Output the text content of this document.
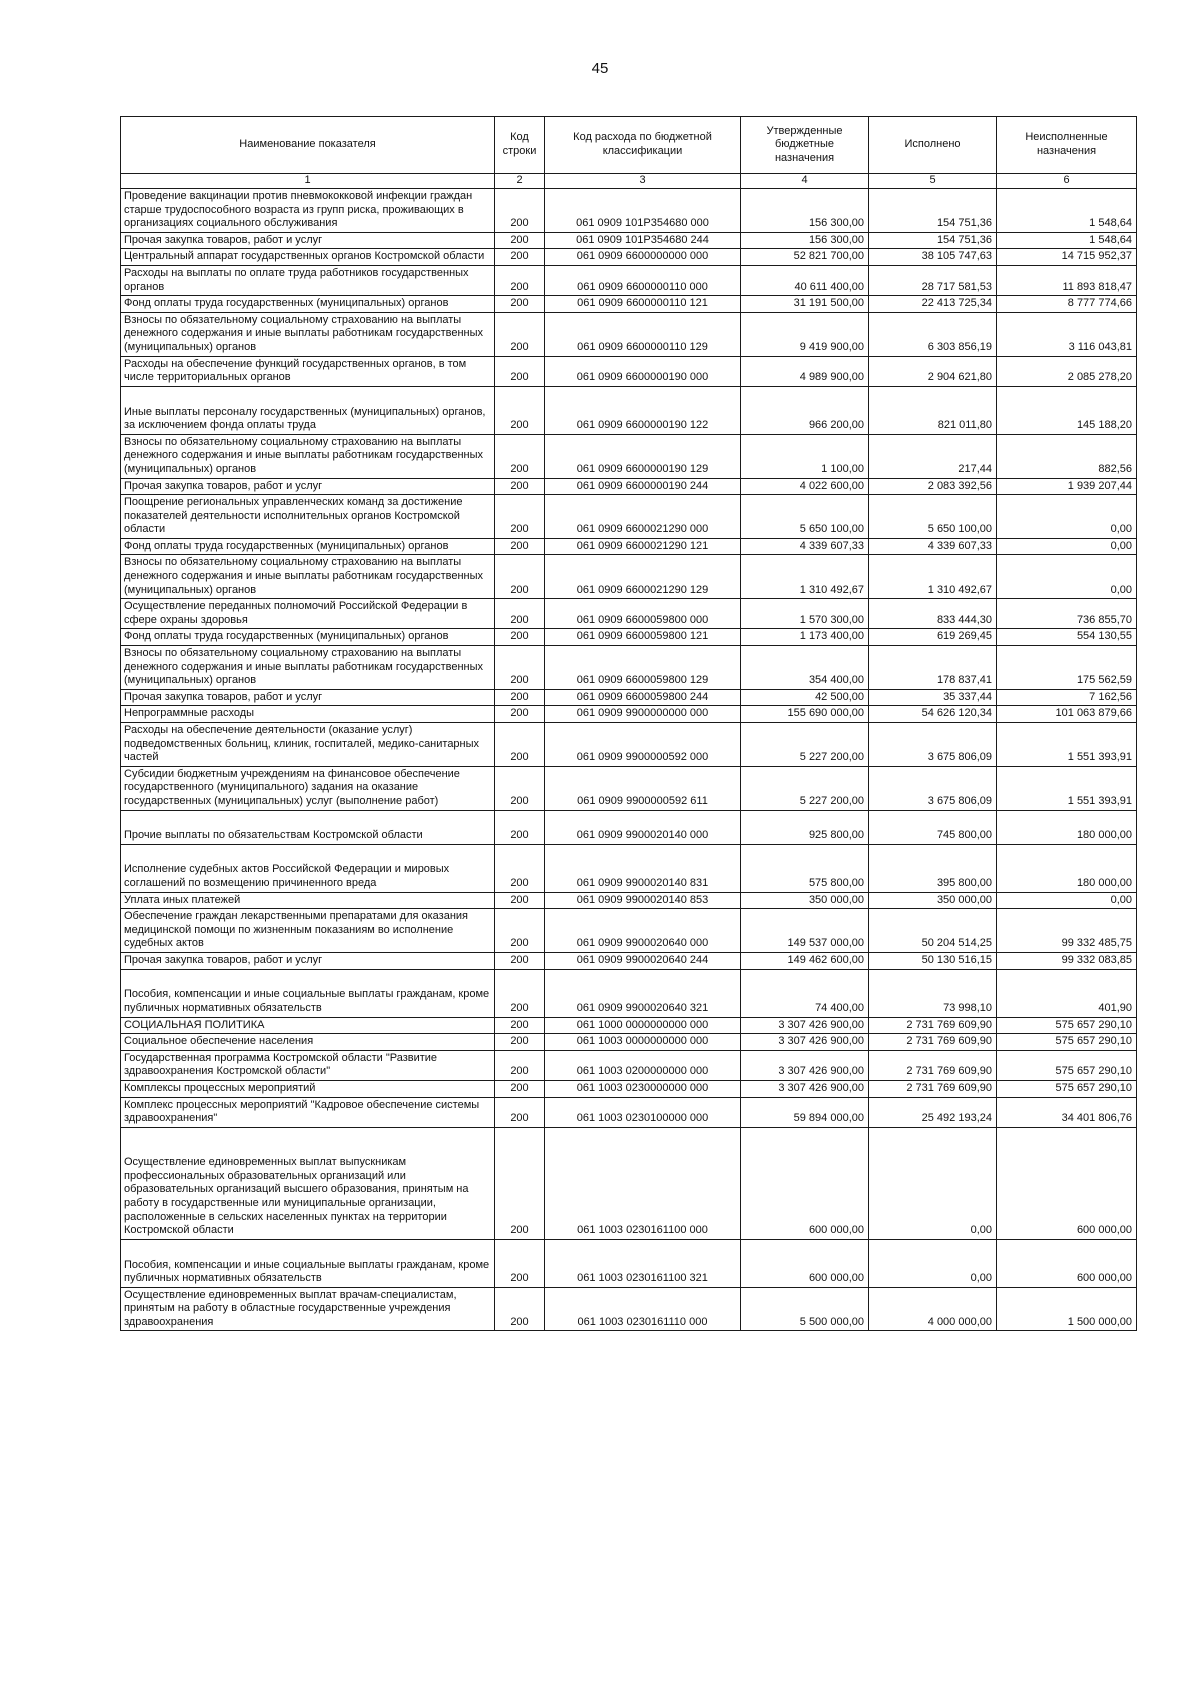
45
Наименование показателя	Код строки	Код расхода по бюджетной классификации	Утвержденные бюджетные назначения	Исполнено	Неисполненные назначения
1	2	3	4	5	6
Проведение вакцинации против пневмококковой инфекции граждан старше трудоспособного возраста из групп риска, проживающих в организациях социального обслуживания	200	061 0909 101Р354680 000	156 300,00	154 751,36	1 548,64
Прочая закупка товаров, работ и услуг	200	061 0909 101Р354680 244	156 300,00	154 751,36	1 548,64
Центральный аппарат государственных органов Костромской области	200	061 0909 6600000000 000	52 821 700,00	38 105 747,63	14 715 952,37
Расходы на выплаты по оплате труда работников государственных органов	200	061 0909 6600000110 000	40 611 400,00	28 717 581,53	11 893 818,47
Фонд оплаты труда государственных (муниципальных) органов	200	061 0909 6600000110 121	31 191 500,00	22 413 725,34	8 777 774,66
Взносы по обязательному социальному страхованию на выплаты денежного содержания и иные выплаты работникам государственных (муниципальных) органов	200	061 0909 6600000110 129	9 419 900,00	6 303 856,19	3 116 043,81
Расходы на обеспечение функций государственных органов, в том числе территориальных органов	200	061 0909 6600000190 000	4 989 900,00	2 904 621,80	2 085 278,20
Иные выплаты персоналу государственных (муниципальных) органов, за исключением фонда оплаты труда	200	061 0909 6600000190 122	966 200,00	821 011,80	145 188,20
Взносы по обязательному социальному страхованию на выплаты денежного содержания и иные выплаты работникам государственных (муниципальных) органов	200	061 0909 6600000190 129	1 100,00	217,44	882,56
Прочая закупка товаров, работ и услуг	200	061 0909 6600000190 244	4 022 600,00	2 083 392,56	1 939 207,44
Поощрение региональных управленческих команд за достижение показателей деятельности исполнительных органов Костромской области	200	061 0909 6600021290 000	5 650 100,00	5 650 100,00	0,00
Фонд оплаты труда государственных (муниципальных) органов	200	061 0909 6600021290 121	4 339 607,33	4 339 607,33	0,00
Взносы по обязательному социальному страхованию на выплаты денежного содержания и иные выплаты работникам государственных (муниципальных) органов	200	061 0909 6600021290 129	1 310 492,67	1 310 492,67	0,00
Осуществление переданных полномочий Российской Федерации в сфере охраны здоровья	200	061 0909 6600059800 000	1 570 300,00	833 444,30	736 855,70
Фонд оплаты труда государственных (муниципальных) органов	200	061 0909 6600059800 121	1 173 400,00	619 269,45	554 130,55
Взносы по обязательному социальному страхованию на выплаты денежного содержания и иные выплаты работникам государственных (муниципальных) органов	200	061 0909 6600059800 129	354 400,00	178 837,41	175 562,59
Прочая закупка товаров, работ и услуг	200	061 0909 6600059800 244	42 500,00	35 337,44	7 162,56
Непрограммные расходы	200	061 0909 9900000000 000	155 690 000,00	54 626 120,34	101 063 879,66
Расходы на обеспечение деятельности (оказание услуг) подведомственных больниц, клиник, госпиталей, медико-санитарных частей	200	061 0909 9900000592 000	5 227 200,00	3 675 806,09	1 551 393,91
Субсидии бюджетным учреждениям на финансовое обеспечение государственного (муниципального) задания на оказание государственных (муниципальных) услуг (выполнение работ)	200	061 0909 9900000592 611	5 227 200,00	3 675 806,09	1 551 393,91
Прочие выплаты по обязательствам Костромской области	200	061 0909 9900020140 000	925 800,00	745 800,00	180 000,00
Исполнение судебных актов Российской Федерации и мировых соглашений по возмещению причиненного вреда	200	061 0909 9900020140 831	575 800,00	395 800,00	180 000,00
Уплата иных платежей	200	061 0909 9900020140 853	350 000,00	350 000,00	0,00
Обеспечение граждан лекарственными препаратами для оказания медицинской помощи по жизненным показаниям во исполнение судебных актов	200	061 0909 9900020640 000	149 537 000,00	50 204 514,25	99 332 485,75
Прочая закупка товаров, работ и услуг	200	061 0909 9900020640 244	149 462 600,00	50 130 516,15	99 332 083,85
Пособия, компенсации и иные социальные выплаты гражданам, кроме публичных нормативных обязательств	200	061 0909 9900020640 321	74 400,00	73 998,10	401,90
СОЦИАЛЬНАЯ ПОЛИТИКА	200	061 1000 0000000000 000	3 307 426 900,00	2 731 769 609,90	575 657 290,10
Социальное обеспечение населения	200	061 1003 0000000000 000	3 307 426 900,00	2 731 769 609,90	575 657 290,10
Государственная программа Костромской области "Развитие здравоохранения Костромской области"	200	061 1003 0200000000 000	3 307 426 900,00	2 731 769 609,90	575 657 290,10
Комплексы процессных мероприятий	200	061 1003 0230000000 000	3 307 426 900,00	2 731 769 609,90	575 657 290,10
Комплекс процессных мероприятий "Кадровое обеспечение системы здравоохранения"	200	061 1003 0230100000 000	59 894 000,00	25 492 193,24	34 401 806,76
Осуществление единовременных выплат выпускникам профессиональных образовательных организаций или образовательных организаций высшего образования, принятым на работу в государственные или муниципальные организации, расположенные в сельских населенных пунктах на территории Костромской области	200	061 1003 0230161100 000	600 000,00	0,00	600 000,00
Пособия, компенсации и иные социальные выплаты гражданам, кроме публичных нормативных обязательств	200	061 1003 0230161100 321	600 000,00	0,00	600 000,00
Осуществление единовременных выплат врачам-специалистам, принятым на работу в областные государственные учреждения здравоохранения	200	061 1003 0230161110 000	5 500 000,00	4 000 000,00	1 500 000,00
